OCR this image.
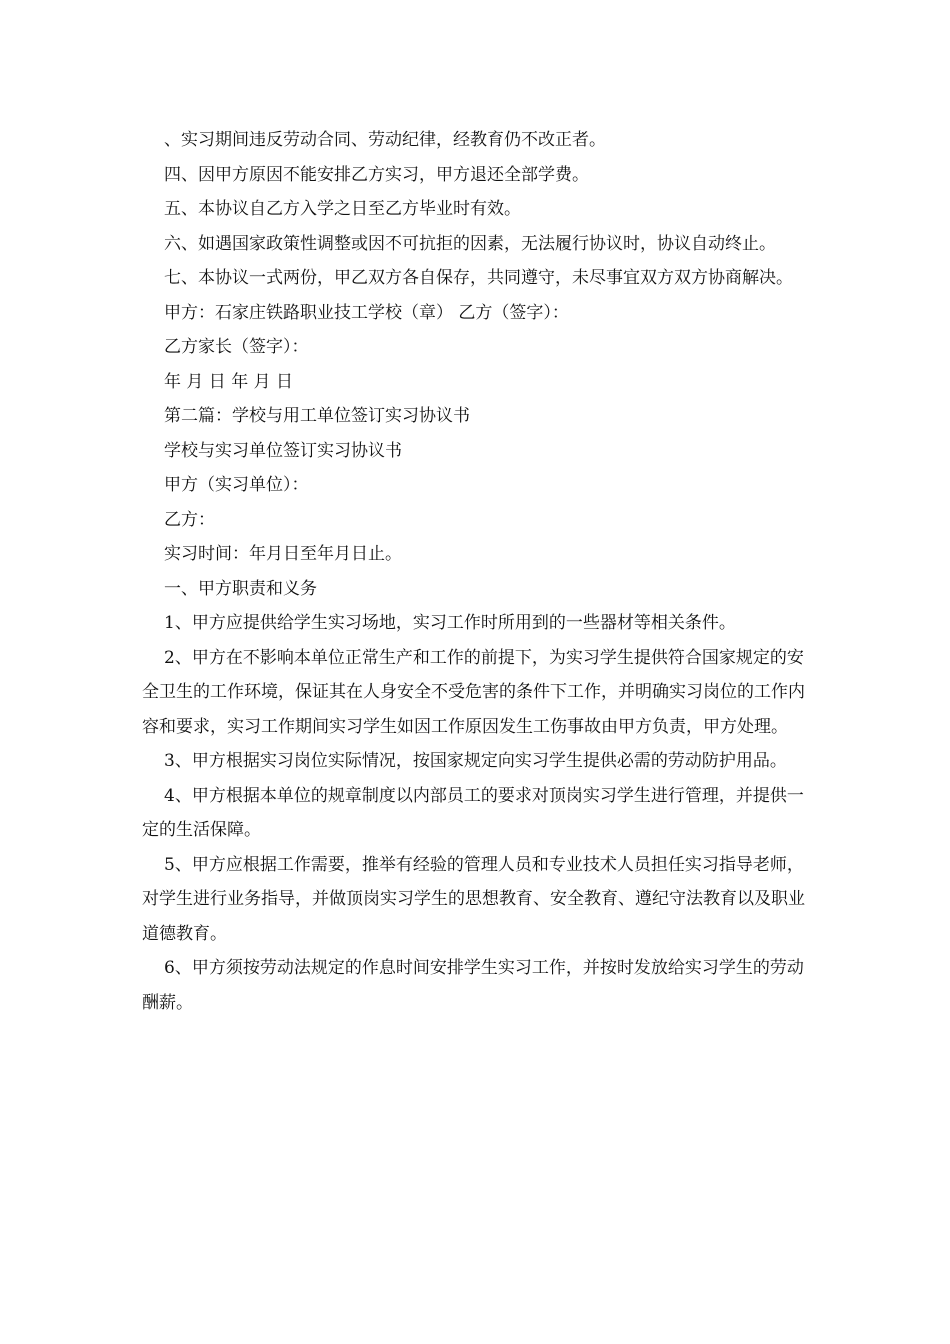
、实习期间违反劳动合同、劳动纪律，经教育仍不改正者。

四、因甲方原因不能安排乙方实习，甲方退还全部学费。

五、本协议自乙方入学之日至乙方毕业时有效。

六、如遇国家政策性调整或因不可抗拒的因素，无法履行协议时，协议自动终止。

七、本协议一式两份，甲乙双方各自保存，共同遵守，未尽事宜双方双方协商解决。

甲方：石家庄铁路职业技工学校（章） 乙方（签字）：

乙方家长（签字）：

年 月 日 年 月 日

第二篇：学校与用工单位签订实习协议书

学校与实习单位签订实习协议书

甲方（实习单位）：

乙方：

实习时间：年月日至年月日止。

一、甲方职责和义务

1、甲方应提供给学生实习场地，实习工作时所用到的一些器材等相关条件。

2、甲方在不影响本单位正常生产和工作的前提下，为实习学生提供符合国家规定的安全卫生的工作环境，保证其在人身安全不受危害的条件下工作，并明确实习岗位的工作内容和要求，实习工作期间实习学生如因工作原因发生工伤事故由甲方负责，甲方处理。

3、甲方根据实习岗位实际情况，按国家规定向实习学生提供必需的劳动防护用品。

4、甲方根据本单位的规章制度以内部员工的要求对顶岗实习学生进行管理，并提供一定的生活保障。

5、甲方应根据工作需要，推举有经验的管理人员和专业技术人员担任实习指导老师，对学生进行业务指导，并做顶岗实习学生的思想教育、安全教育、遵纪守法教育以及职业道德教育。

6、甲方须按劳动法规定的作息时间安排学生实习工作，并按时发放给实习学生的劳动酬薪。
